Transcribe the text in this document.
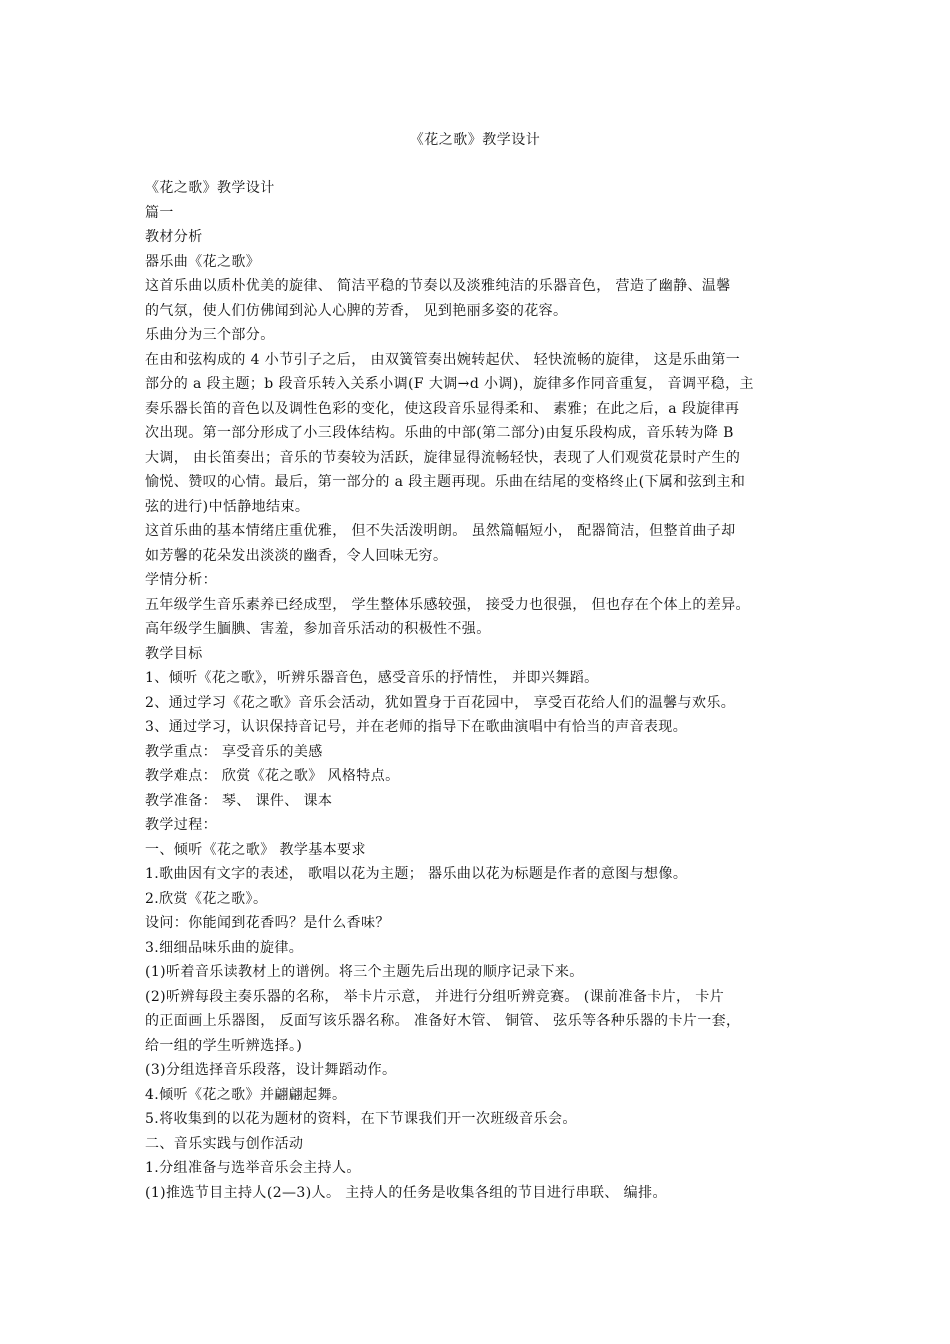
《花之歌》教学设计
《花之歌》教学设计
篇一
教材分析
器乐曲《花之歌》
这首乐曲以质朴优美的旋律、 简洁平稳的节奏以及淡雅纯洁的乐器音色， 营造了幽静、温馨
的气氛，使人们仿佛闻到沁人心脾的芳香， 见到艳丽多姿的花容。
乐曲分为三个部分。
在由和弦构成的 4 小节引子之后， 由双簧管奏出婉转起伏、 轻快流畅的旋律， 这是乐曲第一
部分的 a 段主题；b 段音乐转入关系小调(F 大调→d 小调)，旋律多作同音重复， 音调平稳，主
奏乐器长笛的音色以及调性色彩的变化，使这段音乐显得柔和、 素雅；在此之后，a 段旋律再
次出现。第一部分形成了小三段体结构。乐曲的中部(第二部分)由复乐段构成，音乐转为降 B
大调， 由长笛奏出；音乐的节奏较为活跃，旋律显得流畅轻快，表现了人们观赏花景时产生的
愉悦、赞叹的心情。最后，第一部分的 a 段主题再现。乐曲在结尾的变格终止(下属和弦到主和
弦的进行)中恬静地结束。
这首乐曲的基本情绪庄重优雅， 但不失活泼明朗。 虽然篇幅短小， 配器简洁，但整首曲子却
如芳馨的花朵发出淡淡的幽香，令人回味无穷。
学情分析：
五年级学生音乐素养已经成型， 学生整体乐感较强， 接受力也很强， 但也存在个体上的差异。
高年级学生腼腆、害羞，参加音乐活动的积极性不强。
教学目标
1、倾听《花之歌》，听辨乐器音色，感受音乐的抒情性， 并即兴舞蹈。
2、通过学习《花之歌》音乐会活动，犹如置身于百花园中， 享受百花给人们的温馨与欢乐。
3、通过学习，认识保持音记号，并在老师的指导下在歌曲演唱中有恰当的声音表现。
教学重点： 享受音乐的美感
教学难点： 欣赏《花之歌》 风格特点。
教学准备： 琴、 课件、 课本
教学过程：
一、倾听《花之歌》 教学基本要求
1.歌曲因有文字的表述， 歌唱以花为主题； 器乐曲以花为标题是作者的意图与想像。
2.欣赏《花之歌》。
设问：你能闻到花香吗？是什么香味？
3.细细品味乐曲的旋律。
(1)听着音乐读教材上的谱例。将三个主题先后出现的顺序记录下来。
(2)听辨每段主奏乐器的名称， 举卡片示意， 并进行分组听辨竞赛。 (课前准备卡片， 卡片
的正面画上乐器图， 反面写该乐器名称。 准备好木管、 铜管、 弦乐等各种乐器的卡片一套，
给一组的学生听辨选择。)
(3)分组选择音乐段落，设计舞蹈动作。
4.倾听《花之歌》并翩翩起舞。
5.将收集到的以花为题材的资料，在下节课我们开一次班级音乐会。
二、音乐实践与创作活动
1.分组准备与选举音乐会主持人。
(1)推选节目主持人(2—3)人。 主持人的任务是收集各组的节目进行串联、 编排。
